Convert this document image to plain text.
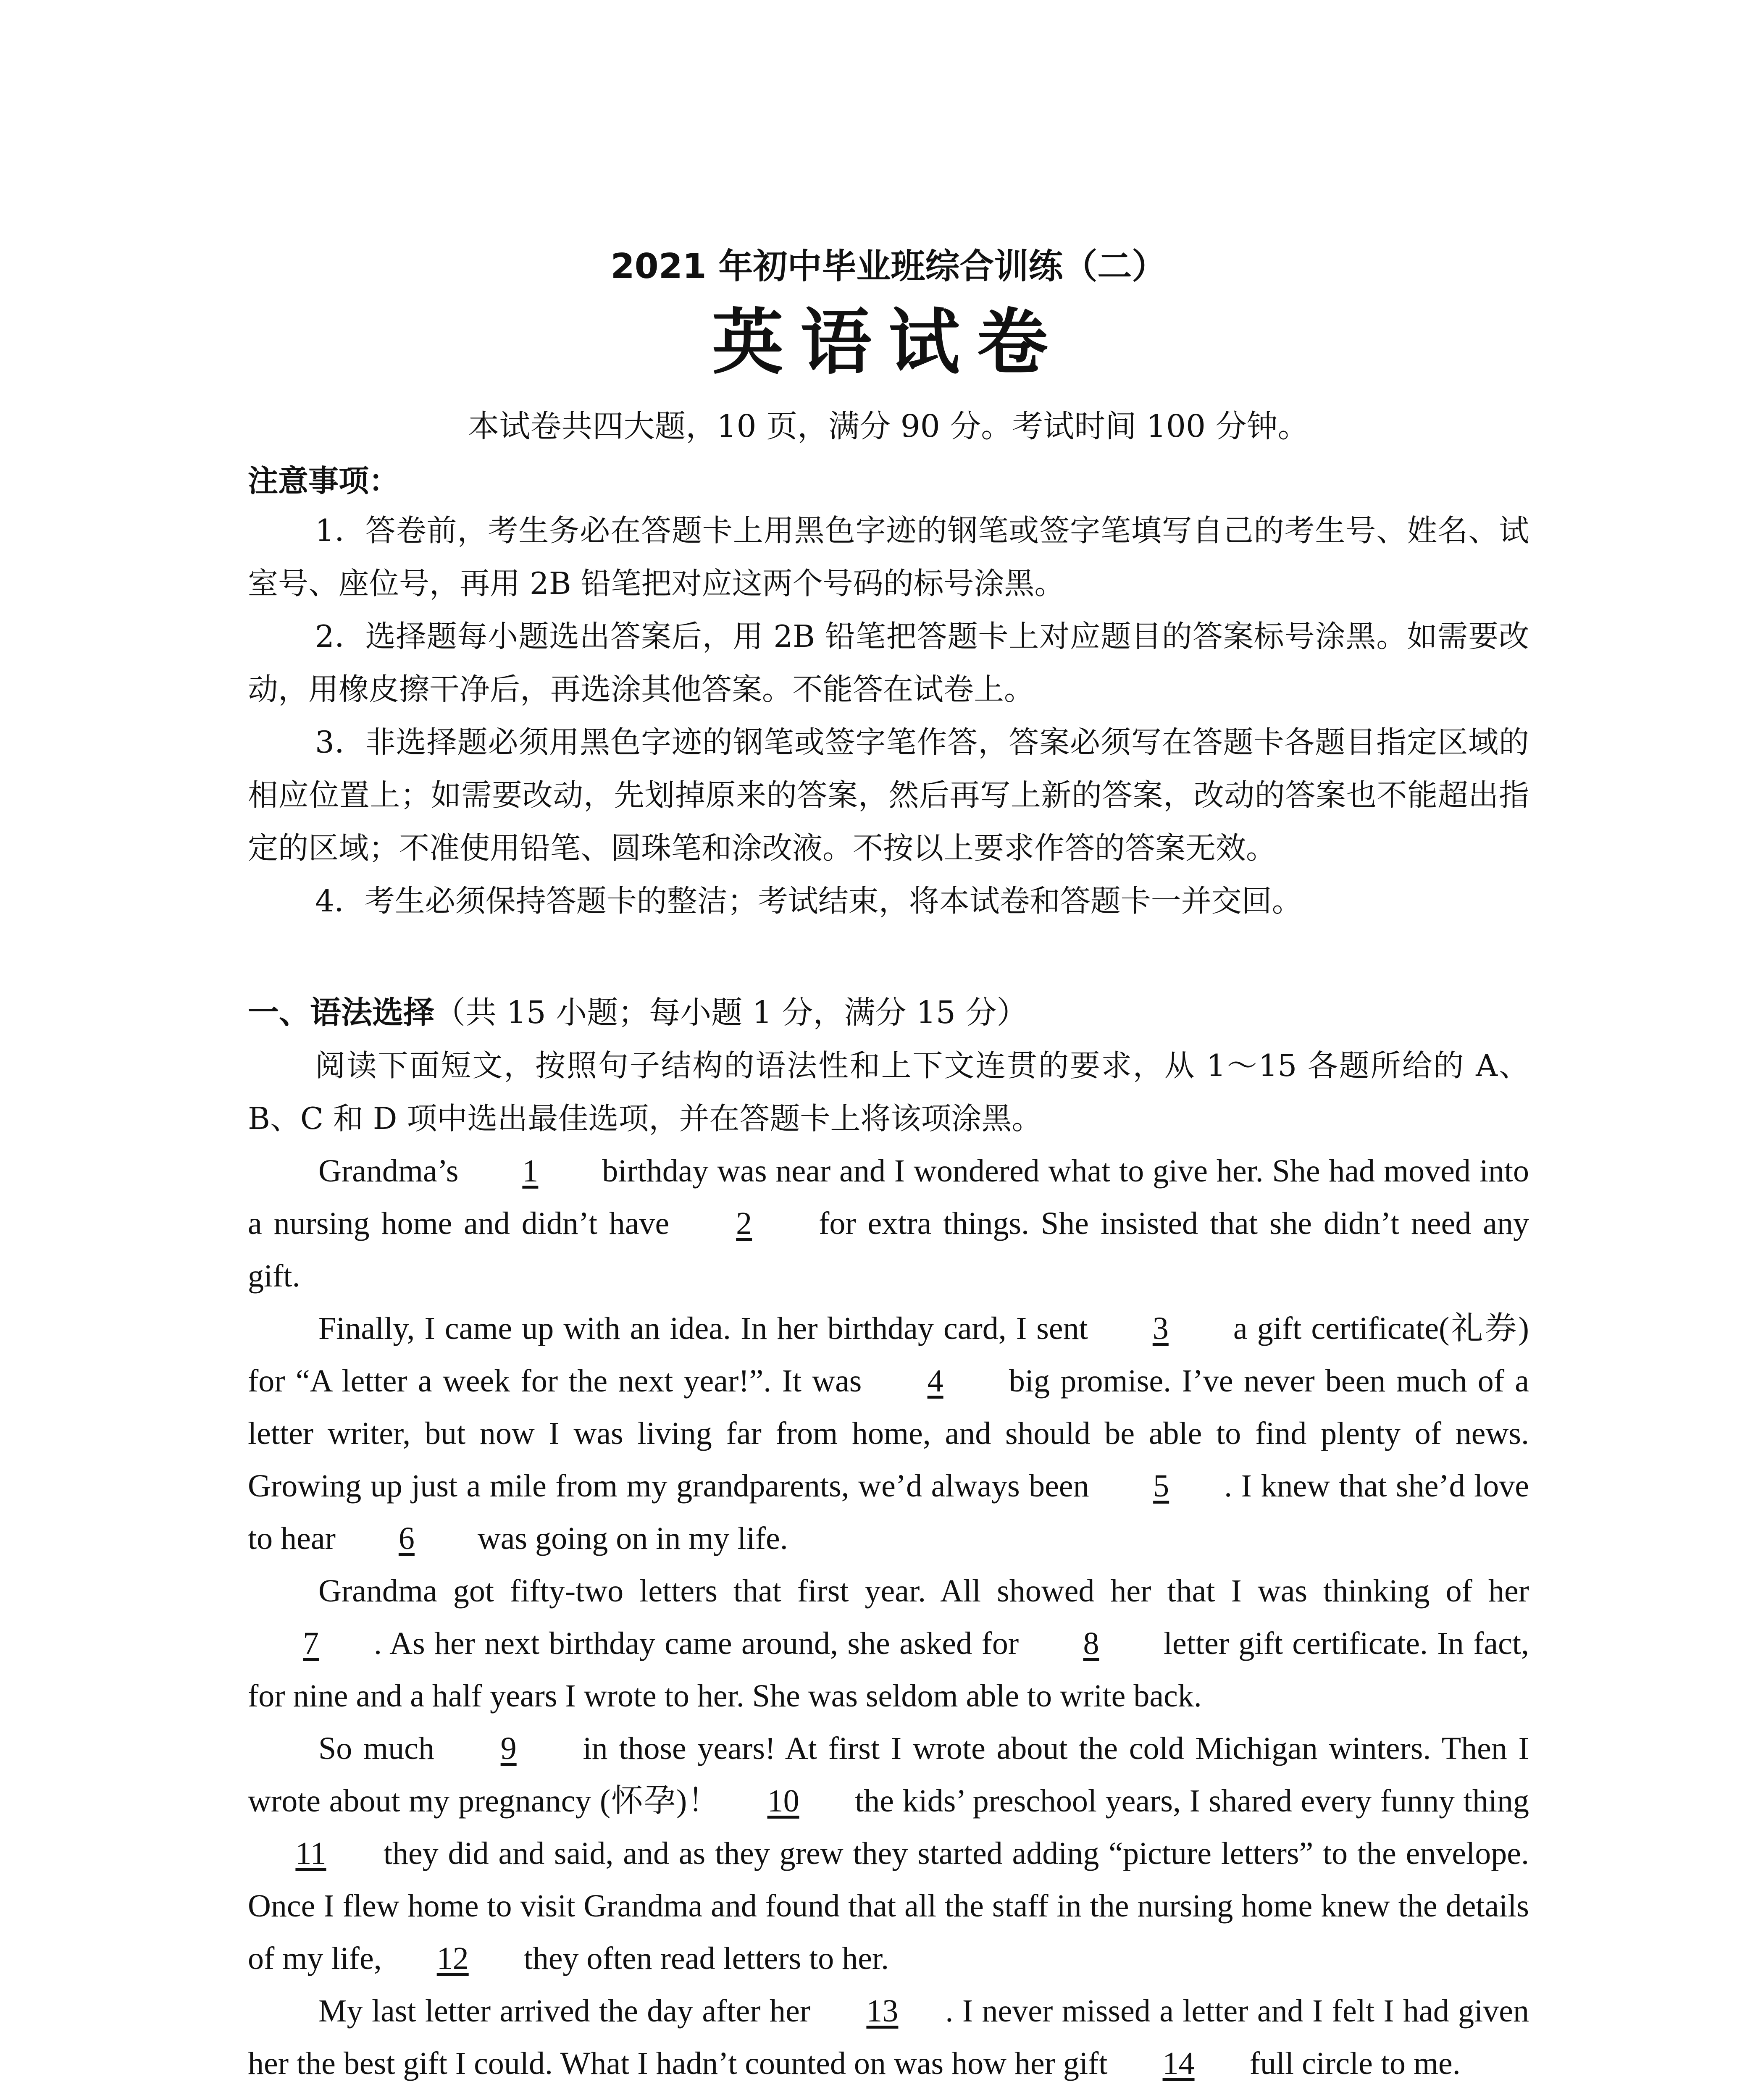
2021 年初中毕业班综合训练（二）
英语试卷

本试卷共四大题，10 页，满分 90 分。考试时间 100 分钟。

注意事项：

1．答卷前，考生务必在答题卡上用黑色字迹的钢笔或签字笔填写自己的考生号、姓名、试室号、座位号，再用 2B 铅笔把对应这两个号码的标号涂黑。

2．选择题每小题选出答案后，用 2B 铅笔把答题卡上对应题目的答案标号涂黑。如需要改动，用橡皮擦干净后，再选涂其他答案。不能答在试卷上。

3．非选择题必须用黑色字迹的钢笔或签字笔作答，答案必须写在答题卡各题目指定区域的相应位置上；如需要改动，先划掉原来的答案，然后再写上新的答案，改动的答案也不能超出指定的区域；不准使用铅笔、圆珠笔和涂改液。不按以上要求作答的答案无效。

4．考生必须保持答题卡的整洁；考试结束，将本试卷和答题卡一并交回。

一、语法选择（共 15 小题；每小题 1 分，满分 15 分）

阅读下面短文，按照句子结构的语法性和上下文连贯的要求，从 1～15 各题所给的 A、B、C 和 D 项中选出最佳选项，并在答题卡上将该项涂黑。

Grandma’s 1 birthday was near and I wondered what to give her. She had moved into a nursing home and didn’t have 2 for extra things. She insisted that she didn’t need any gift.

Finally, I came up with an idea. In her birthday card, I sent 3 a gift certificate(礼券) for “A letter a week for the next year!”. It was 4 big promise. I’ve never been much of a letter writer, but now I was living far from home, and should be able to find plenty of news. Growing up just a mile from my grandparents, we’d always been 5 . I knew that she’d love to hear 6 was going on in my life.

Grandma got fifty-two letters that first year. All showed her that I was thinking of her 7 . As her next birthday came around, she asked for 8 letter gift certificate. In fact, for nine and a half years I wrote to her. She was seldom able to write back.

So much 9 in those years! At first I wrote about the cold Michigan winters. Then I wrote about my pregnancy (怀孕)！ 10 the kids’ preschool years, I shared every funny thing 11 they did and said, and as they grew they started adding “picture letters” to the envelope. Once I flew home to visit Grandma and found that all the staff in the nursing home knew the details of my life, 12 they often read letters to her.

My last letter arrived the day after her 13 . I never missed a letter and I felt I had given her the best gift I could. What I hadn’t counted on was how her gift 14 full circle to me.
